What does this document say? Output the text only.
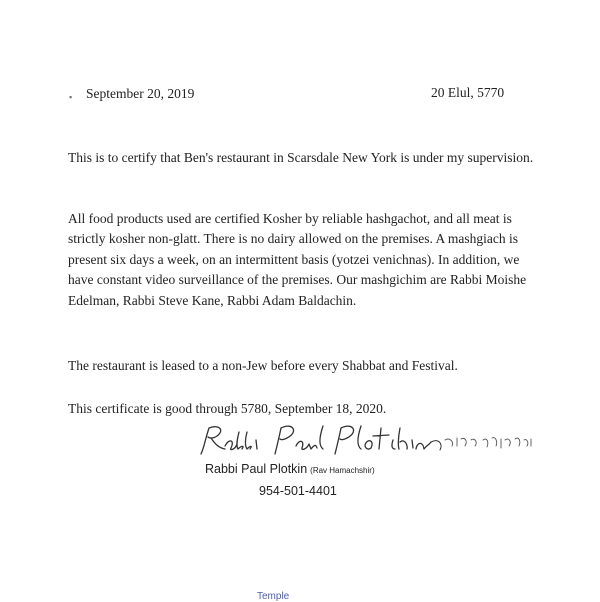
▪ September 20, 2019	20 Elul, 5770

This is to certify that Ben's restaurant in Scarsdale New York is under my supervision.

All food products used are certified Kosher by reliable hashgachot, and all meat is strictly kosher non-glatt. There is no dairy allowed on the premises. A mashgiach is present six days a week, on an intermittent basis (yotzei venichnas). In addition, we have constant video surveillance of the premises. Our mashgichim are Rabbi Moishe Edelman, Rabbi Steve Kane, Rabbi Adam Baldachin.

The restaurant is leased to a non-Jew before every Shabbat and Festival.

This certificate is good through 5780, September 18, 2020.

Rabbi Paul Plotkin (Rav Hamachshir)
954-501-4401
Temple
